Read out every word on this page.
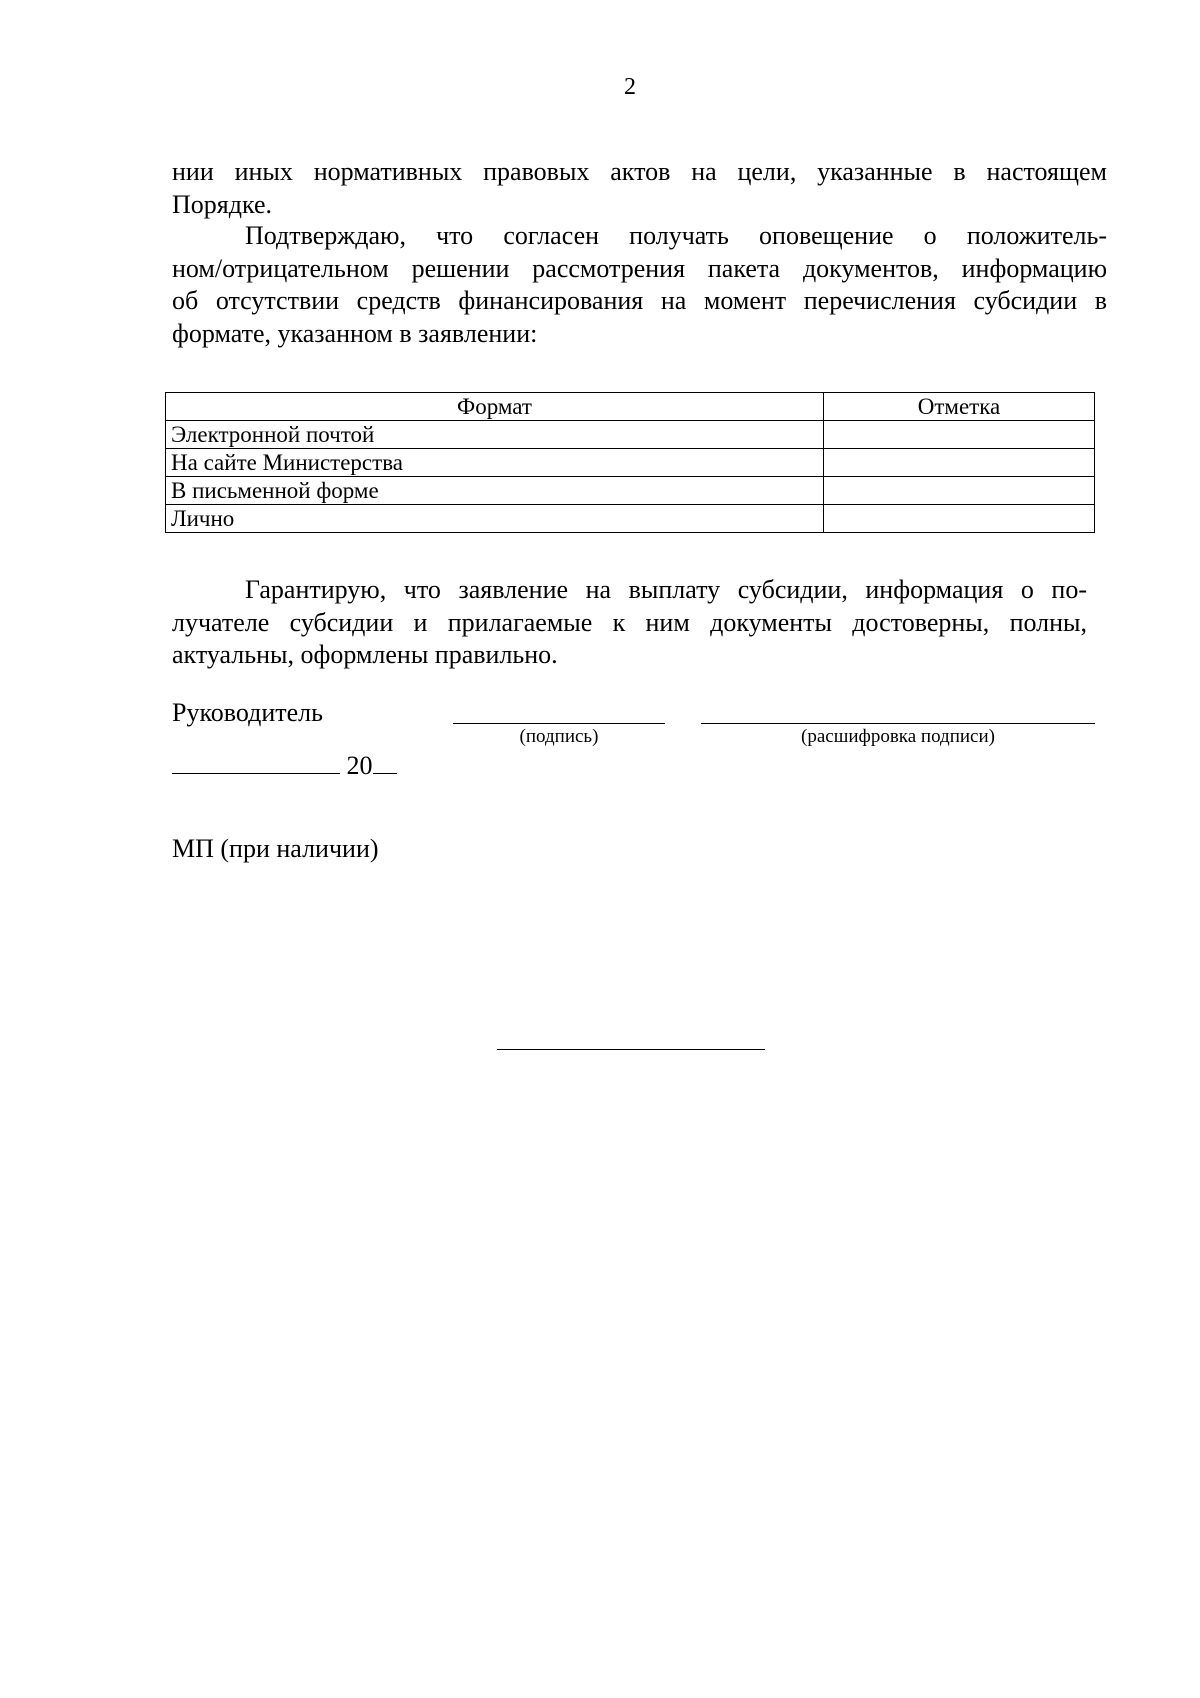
2

нии иных нормативных правовых актов на цели, указанные в настоящем
Порядке.

Подтверждаю, что согласен получать оповещение о положитель-
ном/отрицательном решении рассмотрения пакета документов, информацию
об отсутствии средств финансирования на момент перечисления субсидии в
формате, указанном в заявлении:

Формат	Отметка
Электронной почтой	
На сайте Министерства	
В письменной форме	
Лично	

Гарантирую, что заявление на выплату субсидии, информация о по-
лучателе субсидии и прилагаемые к ним документы достоверны, полны,
актуальны, оформлены правильно.

Руководитель
(подпись)	(расшифровка подписи)
20
МП (при наличии)
